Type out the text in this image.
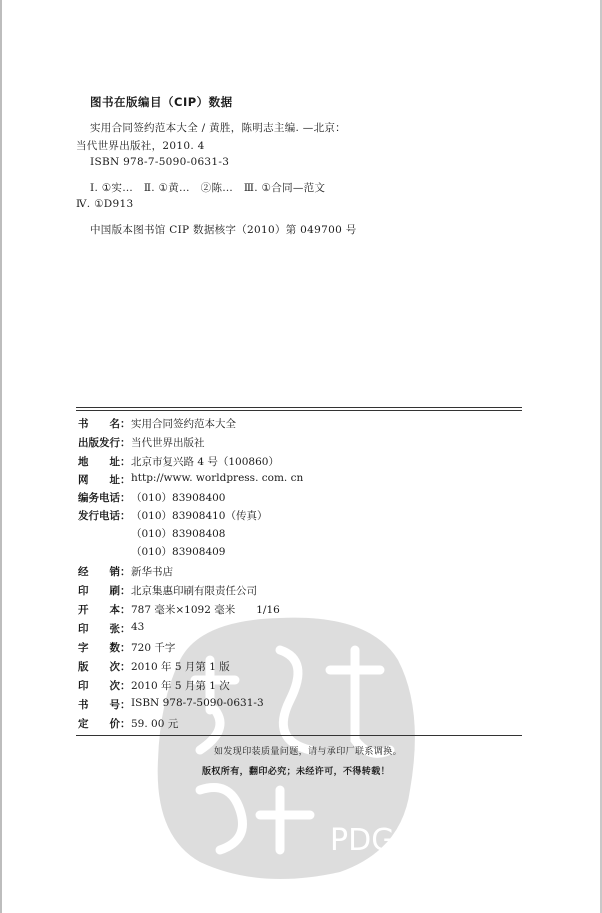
PDG
图书在版编目（CIP）数据
实用合同签约范本大全 / 黄胜，陈明志主编. —北京：
当代世界出版社，2010. 4
ISBN 978-7-5090-0631-3
Ⅰ. ①实…　Ⅱ. ①黄…　②陈…　Ⅲ. ①合同—范文
Ⅳ. ①D913
中国版本图书馆 CIP 数据核字（2010）第 049700 号
书　　名： 实用合同签约范本大全
出版发行： 当代世界出版社
地　　址： 北京市复兴路 4 号（100860）
网　　址： http://www. worldpress. com. cn
编务电话： （010）83908400
发行电话： （010）83908410（传真）
（010）83908408
（010）83908409
经　　销： 新华书店
印　　刷： 北京集惠印刷有限责任公司
开　　本： 787 毫米×1092 毫米　　1/16
印　　张： 43
字　　数： 720 千字
版　　次： 2010 年 5 月第 1 版
印　　次： 2010 年 5 月第 1 次
书　　号： ISBN 978-7-5090-0631-3
定　　价： 59. 00 元
如发现印装质量问题，请与承印厂联系调换。
版权所有，翻印必究；未经许可，不得转载！
